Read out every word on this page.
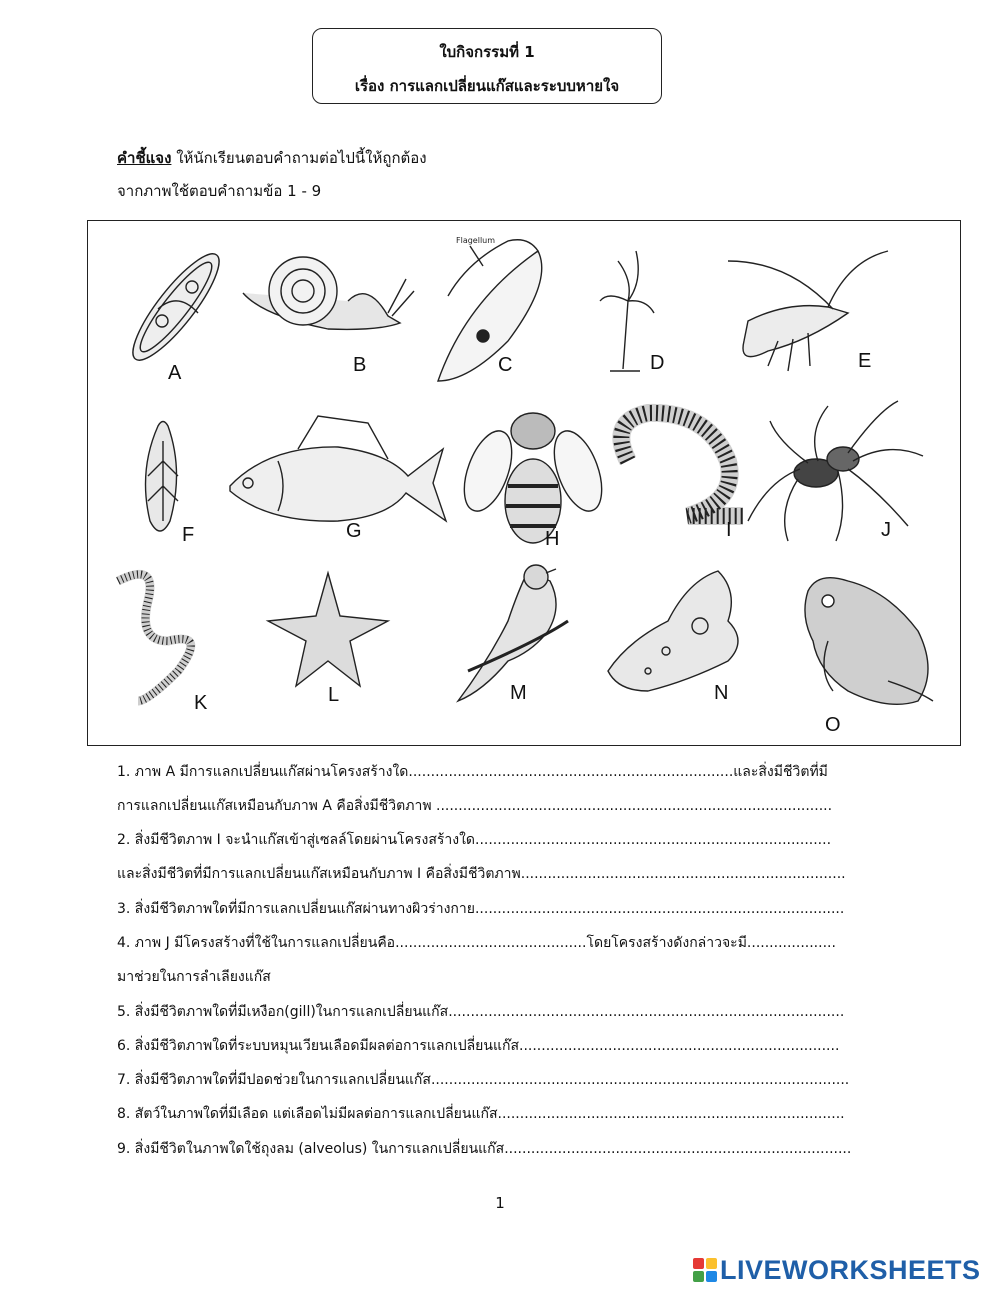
ใบกิจกรรมที่ 1
เรื่อง การแลกเปลี่ยนแก๊สและระบบหายใจ
คำชี้แจง ให้นักเรียนตอบคำถามต่อไปนี้ให้ถูกต้อง
จากภาพใช้ตอบคำถามข้อ 1 - 9
Flagellum
A	B	C	D	E
F	G	H	I	J
K	L	M	N
O
1. ภาพ A มีการแลกเปลี่ยนแก๊สผ่านโครงสร้างใด.........................................................................และสิ่งมีชีวิตที่มี
การแลกเปลี่ยนแก๊สเหมือนกับภาพ A คือสิ่งมีชีวิตภาพ .........................................................................................
2. สิ่งมีชีวิตภาพ I จะนำแก๊สเข้าสู่เซลล์โดยผ่านโครงสร้างใด................................................................................
และสิ่งมีชีวิตที่มีการแลกเปลี่ยนแก๊สเหมือนกับภาพ I คือสิ่งมีชีวิตภาพ.........................................................................
3. สิ่งมีชีวิตภาพใดที่มีการแลกเปลี่ยนแก๊สผ่านทางผิวร่างกาย...................................................................................
4. ภาพ J มีโครงสร้างที่ใช้ในการแลกเปลี่ยนคือ...........................................โดยโครงสร้างดังกล่าวจะมี....................
มาช่วยในการลำเลียงแก๊ส
5. สิ่งมีชีวิตภาพใดที่มีเหงือก(gill)ในการแลกเปลี่ยนแก๊ส.........................................................................................
6. สิ่งมีชีวิตภาพใดที่ระบบหมุนเวียนเลือดมีผลต่อการแลกเปลี่ยนแก๊ส........................................................................
7. สิ่งมีชีวิตภาพใดที่มีปอดช่วยในการแลกเปลี่ยนแก๊ส..............................................................................................
8. สัตว์ในภาพใดที่มีเลือด แต่เลือดไม่มีผลต่อการแลกเปลี่ยนแก๊ส..............................................................................
9. สิ่งมีชีวิตในภาพใดใช้ถุงลม (alveolus) ในการแลกเปลี่ยนแก๊ส..............................................................................
1
LIVEWORKSHEETS
